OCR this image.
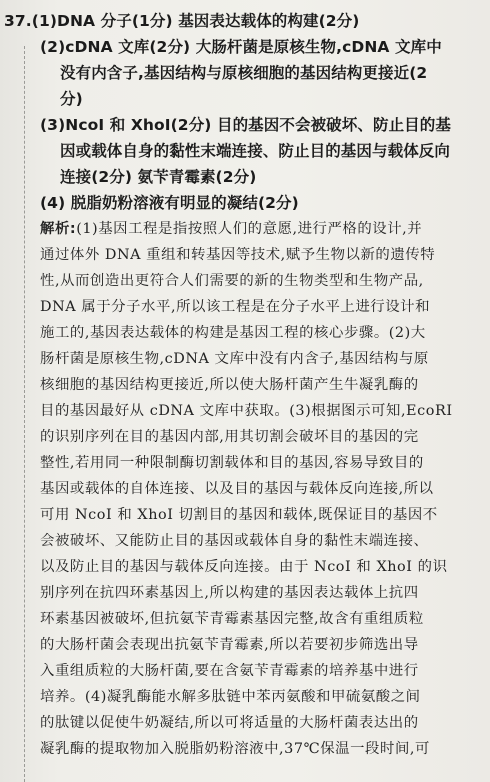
37.(1)DNA 分子(1分) 基因表达载体的构建(2分)
(2)cDNA 文库(2分) 大肠杆菌是原核生物,cDNA 文库中
没有内含子,基因结构与原核细胞的基因结构更接近(2
分)
(3)NcoI 和 XhoI(2分) 目的基因不会被破坏、防止目的基
因或载体自身的黏性末端连接、防止目的基因与载体反向
连接(2分) 氨苄青霉素(2分)
(4) 脱脂奶粉溶液有明显的凝结(2分)
解析:(1)基因工程是指按照人们的意愿,进行严格的设计,并
通过体外 DNA 重组和转基因等技术,赋予生物以新的遗传特
性,从而创造出更符合人们需要的新的生物类型和生物产品,
DNA 属于分子水平,所以该工程是在分子水平上进行设计和
施工的,基因表达载体的构建是基因工程的核心步骤。(2)大
肠杆菌是原核生物,cDNA 文库中没有内含子,基因结构与原
核细胞的基因结构更接近,所以使大肠杆菌产生牛凝乳酶的
目的基因最好从 cDNA 文库中获取。(3)根据图示可知,EcoRI
的识别序列在目的基因内部,用其切割会破坏目的基因的完
整性,若用同一种限制酶切割载体和目的基因,容易导致目的
基因或载体的自体连接、以及目的基因与载体反向连接,所以
可用 NcoI 和 XhoI 切割目的基因和载体,既保证目的基因不
会被破坏、又能防止目的基因或载体自身的黏性末端连接、
以及防止目的基因与载体反向连接。由于 NcoI 和 XhoI 的识
别序列在抗四环素基因上,所以构建的基因表达载体上抗四
环素基因被破坏,但抗氨苄青霉素基因完整,故含有重组质粒
的大肠杆菌会表现出抗氨苄青霉素,所以若要初步筛选出导
入重组质粒的大肠杆菌,要在含氨苄青霉素的培养基中进行
培养。(4)凝乳酶能水解多肽链中苯丙氨酸和甲硫氨酸之间
的肽键以促使牛奶凝结,所以可将适量的大肠杆菌表达出的
凝乳酶的提取物加入脱脂奶粉溶液中,37℃保温一段时间,可
